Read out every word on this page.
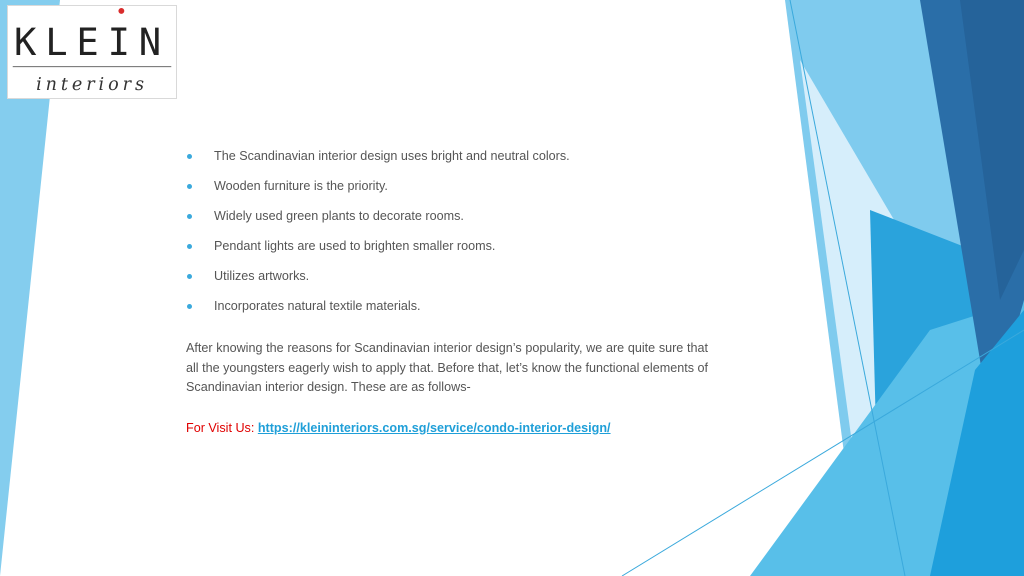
KLEIN
interiors
The Scandinavian interior design uses bright and neutral colors.
Wooden furniture is the priority.
Widely used green plants to decorate rooms.
Pendant lights are used to brighten smaller rooms.
Utilizes artworks.
Incorporates natural textile materials.

After knowing the reasons for Scandinavian interior design’s popularity, we are quite sure that all the youngsters eagerly wish to apply that. Before that, let’s know the functional elements of Scandinavian interior design. These are as follows-

For Visit Us: https://kleininteriors.com.sg/service/condo-interior-design/
